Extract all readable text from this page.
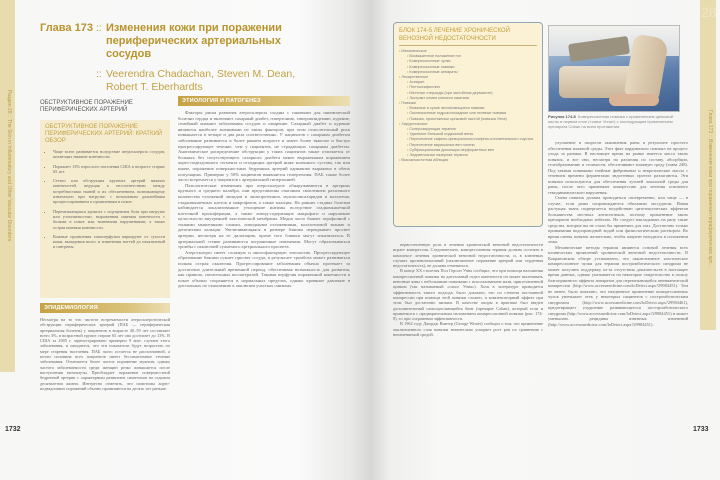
Раздел 28 :: The Skin in Inflammatory and Other Vascular Disorders
1732
Глава 173 :: Изменения кожи при поражении периферических артериальных сосудов
:: Veerendra Chadachan, Steven M. Dean, Robert T. Eberhardts
ОБСТРУКТИВНОЕ ПОРАЖЕНИЕ ПЕРИФЕРИЧЕСКИХ АРТЕРИЙ
ОБСТРУКТИВНОЕ ПОРАЖЕНИЕ ПЕРИФЕРИЧЕСКИХ АРТЕРИЙ: КРАТКИЙ ОБЗОР
• Чаще всего развивается вследствие атеросклероза сосудов, питающих нижние конечности.
• Поражает 13% взрослого населения США в возрасте старше 65 лет.
• Стеноз или обструкция крупных артерий нижних конечностей, ведущая к несоответствию между потребностями тканей и их обеспечением, возникающему изначально при нагрузке, с возможным дальнейшим прогрессированием к проявлениям в покое.
• Перемежающаяся хромота с ощущением боли при нагрузке или утомляемостью, выраженная ишемия конечности с болями в покое или тканевыми нарушениями, а также острая ишемия конечности.
• Кожные проявления гипоперфузии варьируют от сухости кожи, выпадения волос и изменения ногтей до изъязвлений и гангрены.
ЭПИДЕМИОЛОГИЯ
Несмотря на то что частота встречаемости атеросклеротической обструкции периферических артерий (ПАБ — периферическая артериальная болезнь) у пациентов в возрасте 40–59 лет составляет всего 3%, в возрастной группе старше 65 лет она достигает до 13%. В США за 2005 г. зарегистрировано примерно 9 млн. случаев этого заболевания, и ожидается, что эти показатели будут возрастать по мере старения населения. ПАБ часто остается не распознанной, а почти половина всех пациентов имеет бессимптомное течение заболевания. Отмечается более частое поражение мужчин, однако частота заболеваемости среди женщин резко повышается после наступления менопаузы. Преобладает поражение поверхностной бедренной артерии с характерным развитием симптомов на седьмом десятилетии жизни. Интересно отметить, что симптомы аорто-подвздошных поражений обычно проявляются на десять лет раньше.
ЭТИОЛОГИЯ И ПАТОГЕНЕЗ

Факторы риска развития атеросклероза сходны с таковыми для ишемической болезни сердца и включают сахарный диабет, гипертонию, гиперлипидемию, курение, семейный анамнез заболевания сосудов и ожирение. Сахарный диабет и курение являются наиболее значимыми из таких факторов, при этом относительный риск повышается в четыре и два раза соответственно. У пациентов с сахарным диабетом заболевание развивается в более раннем возрасте и имеет более тяжелое и быстро прогрессирующее течение, чем у пациентов, не страдающих сахарным диабетом. Анатомическое распределение обструкции у таких пациентов также отличается от больных без сопутствующего сахарного диабета менее выраженным поражением аорто-подвздошного сегмента и отходящих артерий ниже коленного сустава, так или иначе, поражение поверхностных бедренных артерий одинаково выражено в обеих популяциях. Примерно у 50% пациентов выявляется гипертензия. ПАБ также более часто встречается у пациентов с артериальной гипертонией.

Патологические изменения при атеросклерозе обнаруживаются в артериях крупного и среднего калибра, они представлены очаговым скоплением различного количества отложений липидов и липопротеинов, мукополисахаридов и коллагена, гладкомышечных клеток и макрофагов, а также кальция. На ранних стадиях болезни наблюдается локализованное утолщение интимы вследствие гладкомышечной клеточной пролиферации, а также липид-содержащие макрофаги и нарушение целостности внутренней эластической мембраны. Медиа часто бывает атрофичной с тонкими мышечными слоями, липидными отложениями, коллагеновой тканью и депозитами кальция. Увеличивающаяся в размере бляшка перекрывает просвет артерии, несмотря на ее дилатацию, кроме того бляшки могут изъязвляться. В артериальной стенке развиваются пограничные изменения. Могут образовываться тромбы с окклюзией сужаемого артериального просвета.

Атеросклероз имеет сложную и многофакторную этиологию. Прогрессирующее образование бляшки сужает просвет сосуда, в результате тромбоза может развиваться полная острая окклюзия. Прогрессирование заболевания обычно протекает за достаточно длительный временной период, обеспечивая возможность для развития, как правило, питательных коллатералей. Таковая перфузия пораженной конечности в покое обычно сохраняется в нормальных пределах, однако кровяное давление в дистальных по отношению к окклюзии участках снижено.

28
Глава 173 :: Изменения кожи при поражении периферических арт...
1733
БЛОК 174-5 ЛЕЧЕНИЕ ХРОНИЧЕСКОЙ ВЕНОЗНОЙ НЕДОСТАТОЧНОСТИ
• Механическое
• Возвышенное положение ног
• Компрессионные чулки
• Компрессионные повязки
• Компрессионные аппараты
• Лекарственное
• Аспирин
• Пентоксифиллин
• Местные стероиды (при застойном дерматите)
• Экстракт семян конского каштана
• Повязки
• Влажные и сухие неслипающиеся повязки
• Окклюзионные гидроколлоидные или гелевые повязки
• Повязки, пропитанные цинковой пастой (повязка Унна)
• Хирургическое
• Склерозирующая терапия
• Удаление большой подкожной вены
• Пересечение сафено-феморального/сафено-поплитеального соустья
• Пересечение варикозных вен голени
• Субфасциальная диссекция перфорантных вен
• Эндовенозная лазерная терапия
• Высокочастотная абляция
Рисунок 174-8 Компрессионная повязка с применением цинковой пасты в первом слое («сапог Унна») с последующим применением препарата Coban на всем протяжении.

первостепенную роль в лечении хронической венозной недостаточности играет компрессия. Следовательно, компрессионная терапия должна состоять в комплексе лечения хронической венозной недостаточности, и, в ключевых случаях противопоказаний (окклюзионное поражение артерий или сердечная недостаточность), не должна отменяться.

В конце XX столетия Пол Герсон Унна сообщил, что при помощи наложения компрессионной повязки на дистальный отдел конечности он может вылечивать венозные язвы с небольшими повязками с использованием мази, приготовленной цинком (так называемый «сапог Унна»). Хотя в литературе приводится эффективность такого подхода, было доказано, что по степени постоянной компрессии при помощи этой повязки сложно, и компенсаторный эффект при этом был достаточно низким. В качестве опоры в практике был введен дополнительный самосцепляющийся бинт (препарат Coban), который если и применялся с предварительным наложением компрессионной повязки (рис. 174-8), то при сохранении эффективности.

В 1962 году Джордж Винтер (George Winter) сообщил о том, что применение окклюзионного слоя повязки значительно ускоряет рост ран по сравнению с неизменяемой средой.

улучшение в скорости заживления раны в результате простого обеспечения влажной среды. Этот факт кардинально повлиял на процесс ухода за ранами. В настоящее время на рынке имеется масса таких повязок, и все они, несмотря на различия по составу, абсорбции, гелеобразованию и стоимости, обеспечивают влажную среду (глава 248). Под такими повязками гнойные фибриновые и некротические массы с течением времени ферментами эндогенных протеаз разлагаются. Эти повязки используются для обеспечения лучшей локальной среды для раны, после чего применяют компрессию для лечения основного гемодинамического нарушения.

Смена повязок должна проводиться своевременно, или чаще — в случае, если раны сопровождаются обильным экссудатом. Новая растущая ткань подвергается воздействию цитотоксических эффектов большинства местных антисептиков, поэтому применение таких препаратов необходимо избегать. Не следует накладывать на рану такие средства, которые вы не стали бы применять для глаз. Достаточно только промывания водопроводной водой или физиологическим раствором. Во время смены повязок желательно, чтобы пациент находился в положении лежа.

Механические методы терапии являются основой лечения всех клинических проявлений хронической венозной недостаточности. В Кокрановском обзоре установлено, что окклюзионное эластическое компрессионное чулки для терапии постромботического синдрома не может получить поддержку из-за отсутствия доказательств в настоящее время данных, однако указывается на некоторые свидетельства в пользу благоприятного эффекта аппаратов для перемежающейся пневматической компрессии (http://www.accessmedicine.com/loDetect.aspx?29984451). Тем не менее, было показано, что ежедневное применение компрессионных чулок уменьшает отек у некоторых пациентов с постромботическим синдромом (http://www.accessmedicine.com/loDetect.aspx?29984461), предотвращает ухудшение развивающегося посттромботического синдрома (http://www.accessmedicine.com/loDetect.aspx?29984451) и может уменьшать рецидивы язвенных изменений (http://www.accessmedicine.com/loDetect.aspx?29984451).
